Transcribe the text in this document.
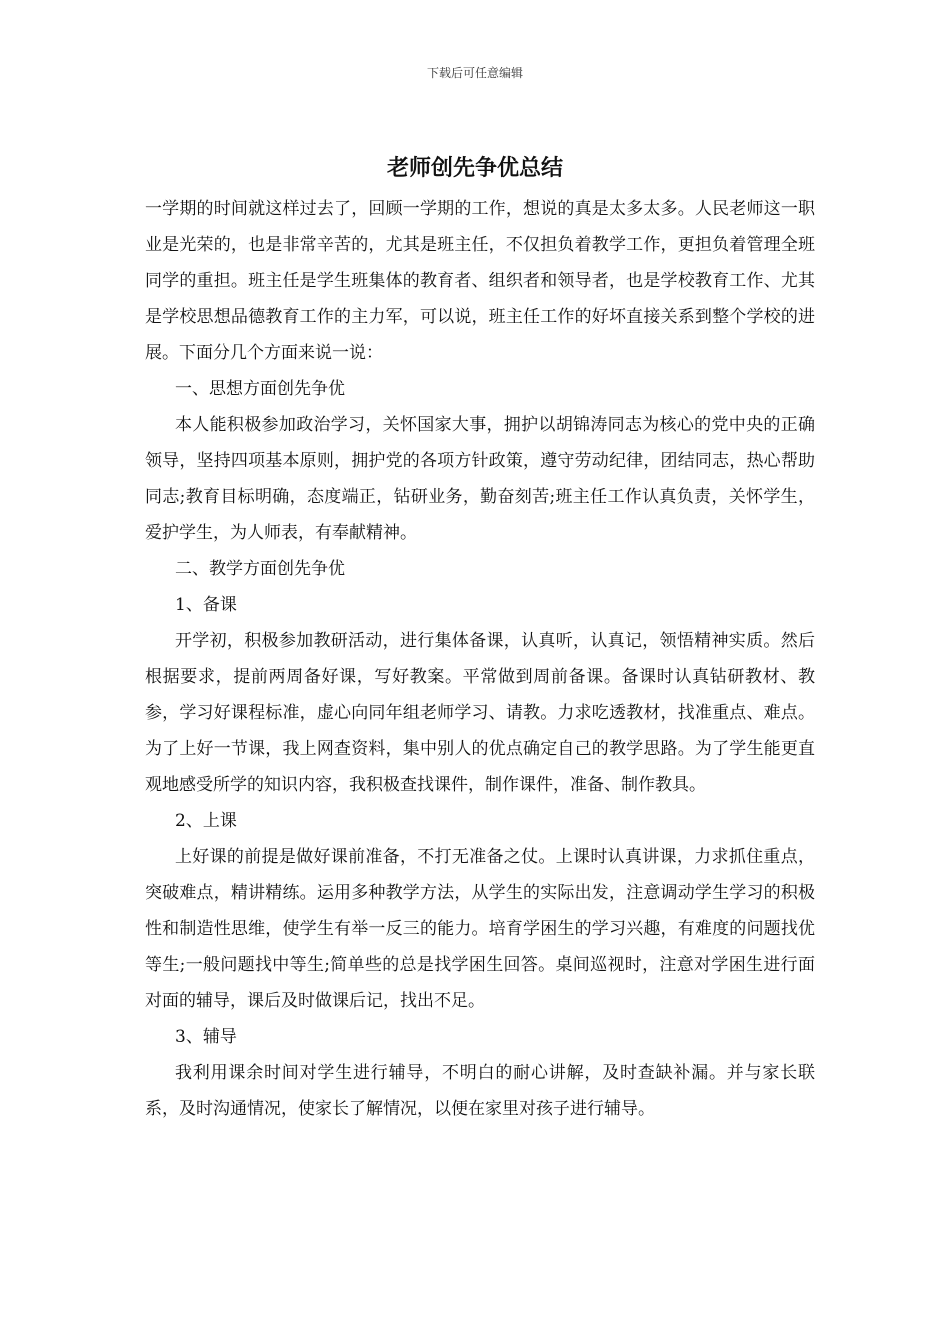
下载后可任意编辑
老师创先争优总结

一学期的时间就这样过去了，回顾一学期的工作，想说的真是太多太多。人民老师这一职业是光荣的，也是非常辛苦的，尤其是班主任，不仅担负着教学工作，更担负着管理全班同学的重担。班主任是学生班集体的教育者、组织者和领导者，也是学校教育工作、尤其是学校思想品德教育工作的主力军，可以说，班主任工作的好坏直接关系到整个学校的进展。下面分几个方面来说一说：

一、思想方面创先争优

本人能积极参加政治学习，关怀国家大事，拥护以胡锦涛同志为核心的党中央的正确领导，坚持四项基本原则，拥护党的各项方针政策，遵守劳动纪律，团结同志，热心帮助同志;教育目标明确，态度端正，钻研业务，勤奋刻苦;班主任工作认真负责，关怀学生，爱护学生，为人师表，有奉献精神。

二、教学方面创先争优

1、备课

开学初，积极参加教研活动，进行集体备课，认真听，认真记，领悟精神实质。然后根据要求，提前两周备好课，写好教案。平常做到周前备课。备课时认真钻研教材、教参，学习好课程标准，虚心向同年组老师学习、请教。力求吃透教材，找准重点、难点。为了上好一节课，我上网查资料，集中别人的优点确定自己的教学思路。为了学生能更直观地感受所学的知识内容，我积极查找课件，制作课件，准备、制作教具。

2、上课

上好课的前提是做好课前准备，不打无准备之仗。上课时认真讲课，力求抓住重点，突破难点，精讲精练。运用多种教学方法，从学生的实际出发，注意调动学生学习的积极性和制造性思维，使学生有举一反三的能力。培育学困生的学习兴趣，有难度的问题找优等生;一般问题找中等生;简单些的总是找学困生回答。桌间巡视时，注意对学困生进行面对面的辅导，课后及时做课后记，找出不足。

3、辅导

我利用课余时间对学生进行辅导，不明白的耐心讲解，及时查缺补漏。并与家长联系，及时沟通情况，使家长了解情况，以便在家里对孩子进行辅导。
